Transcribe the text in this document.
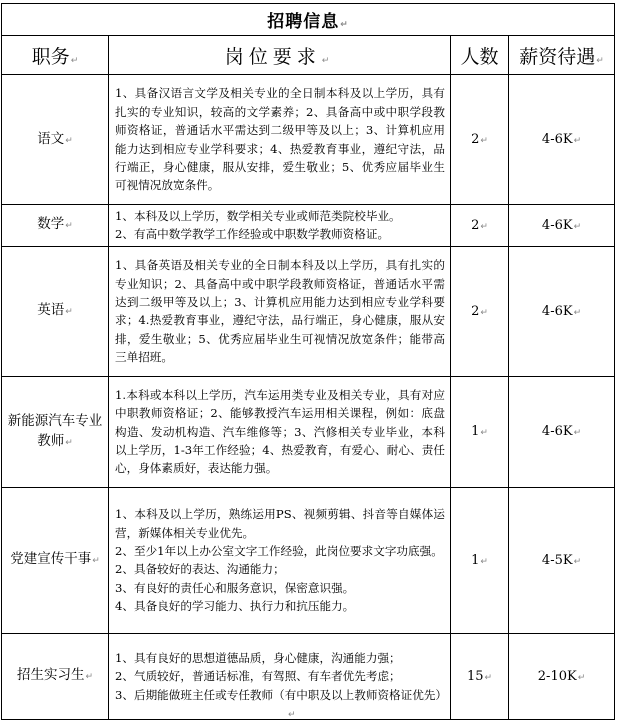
招聘信息↵			
职务↵	岗位要求↵	人数	薪资待遇↵
语文↵	1、具备汉语言文学及相关专业的全日制本科及以上学历，具有扎实的专业知识，较高的文学素养；2、具备高中或中职学段教师资格证，普通话水平需达到二级甲等及以上；3、计算机应用能力达到相应专业学科要求；4、热爱教育事业，遵纪守法，品行端正，身心健康，服从安排，爱生敬业；5、优秀应届毕业生可视情况放宽条件。	2↵	4-6K↵
数学↵	1、本科及以上学历，数学相关专业或师范类院校毕业。
2、有高中数学教学工作经验或中职数学教师资格证。	2↵	4-6K↵
英语↵	1、具备英语及相关专业的全日制本科及以上学历，具有扎实的专业知识；2、具备高中或中职学段教师资格证，普通话水平需达到二级甲等及以上；3、计算机应用能力达到相应专业学科要求；4.热爱教育事业，遵纪守法，品行端正，身心健康，服从安排，爱生敬业；5、优秀应届毕业生可视情况放宽条件；能带高三单招班。	2↵	4-6K↵
新能源汽车专业教师↵	1.本科或本科以上学历，汽车运用类专业及相关专业，具有对应中职教师资格证；2、能够教授汽车运用相关课程，例如：底盘构造、发动机构造、汽车维修等；3、汽修相关专业毕业，本科以上学历，1-3年工作经验；4、热爱教育，有爱心、耐心、责任心，身体素质好，表达能力强。	1↵	4-6K↵
党建宣传干事↵	1、本科及以上学历，熟练运用PS、视频剪辑、抖音等自媒体运营，新媒体相关专业优先。
2、至少1年以上办公室文字工作经验，此岗位要求文字功底强。
2、具备较好的表达、沟通能力；
3、有良好的责任心和服务意识，保密意识强。
4、具备良好的学习能力、执行力和抗压能力。	1↵	4-5K↵
招生实习生↵	1、具有良好的思想道德品质，身心健康，沟通能力强；
2、气质较好，普通话标准，有驾照、有车者优先考虑；
3、后期能做班主任或专任教师（有中职及以上教师资格证优先）	15↵	2-10K↵
↵
